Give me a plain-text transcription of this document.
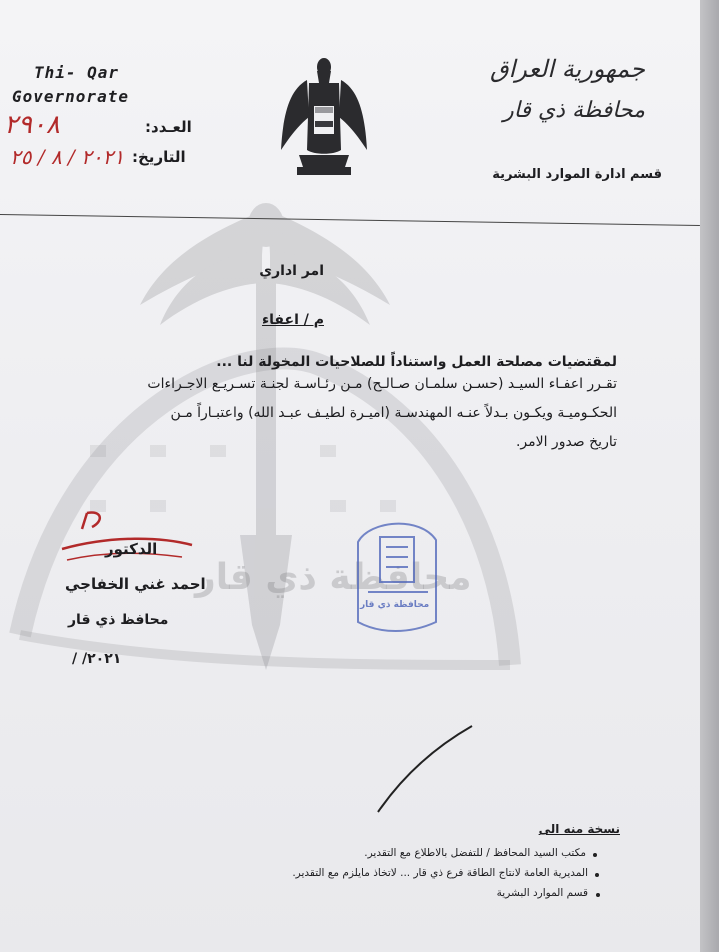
محافظة ذي قار
Thi- Qar
Governorate
العـدد:
٢٩٠٨
التاريخ:
٢٠٢١ / ٨ / ٢٥
جمهورية العراق
محافظة ذي قار
قسم ادارة الموارد البشرية
امر اداري
م / اعفاء
لمقتضيات مصلحة العمل واستناداً للصلاحيات المخولة لنا ...
تقـرر اعفـاء السيـد (حسـن سلمـان صـالـح) مـن رئـاسـة لجنـة تسـريـع الاجـراءات
الحكـوميـة ويكـون بـدلاً عنـه المهندسـة (اميـرة لطيـف عبـد الله) واعتبـاراً مـن
تاريخ صدور الامر.
الدكتور
احمد غني الخفاجي
محافظ ذي قار
/ /٢٠٢١
محافظة ذي قار
نسخة منه الى
مكتب السيد المحافظ / للتفضل بالاطلاع مع التقدير.
المديرية العامة لانتاج الطاقة فرع ذي قار ... لاتخاذ مايلزم مع التقدير.
قسم الموارد البشرية
